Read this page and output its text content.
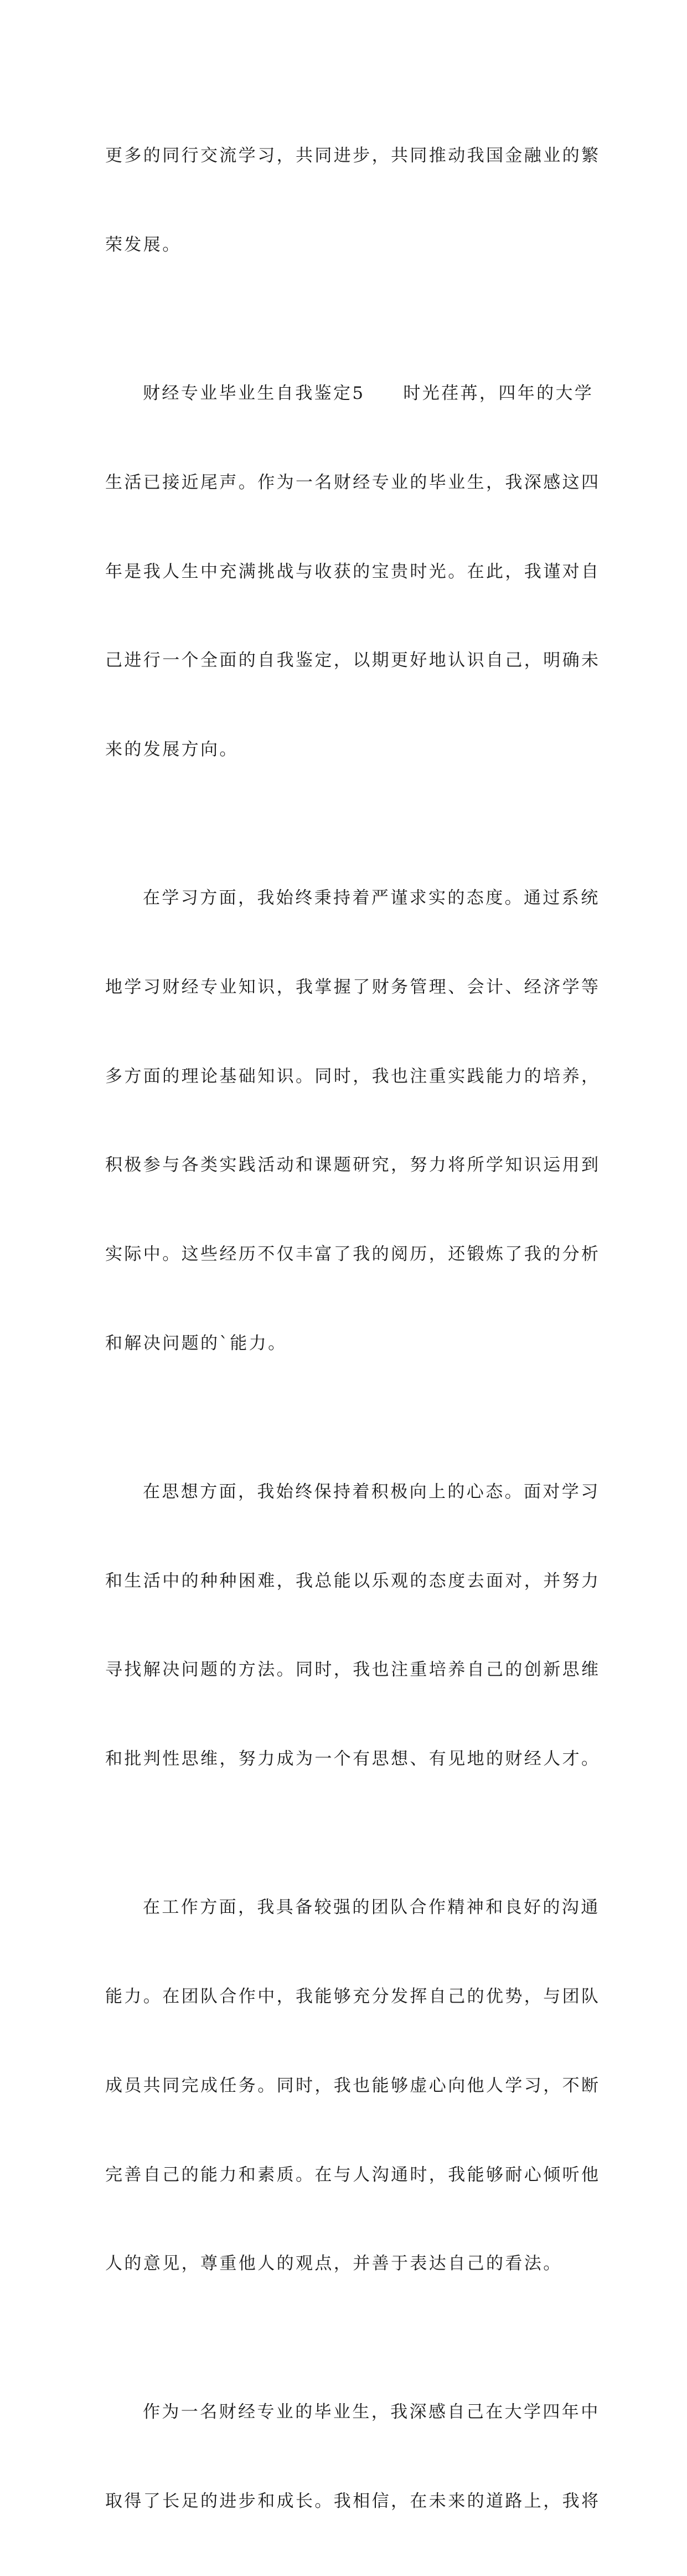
更多的同行交流学习，共同进步，共同推动我国金融业的繁

荣发展。

财经专业毕业生自我鉴定5　　时光荏苒，四年的大学

生活已接近尾声。作为一名财经专业的毕业生，我深感这四

年是我人生中充满挑战与收获的宝贵时光。在此，我谨对自

己进行一个全面的自我鉴定，以期更好地认识自己，明确未

来的发展方向。

在学习方面，我始终秉持着严谨求实的态度。通过系统

地学习财经专业知识，我掌握了财务管理、会计、经济学等

多方面的理论基础知识。同时，我也注重实践能力的培养，

积极参与各类实践活动和课题研究，努力将所学知识运用到

实际中。这些经历不仅丰富了我的阅历，还锻炼了我的分析

和解决问题的`能力。

在思想方面，我始终保持着积极向上的心态。面对学习

和生活中的种种困难，我总能以乐观的态度去面对，并努力

寻找解决问题的方法。同时，我也注重培养自己的创新思维

和批判性思维，努力成为一个有思想、有见地的财经人才。

在工作方面，我具备较强的团队合作精神和良好的沟通

能力。在团队合作中，我能够充分发挥自己的优势，与团队

成员共同完成任务。同时，我也能够虚心向他人学习，不断

完善自己的能力和素质。在与人沟通时，我能够耐心倾听他

人的意见，尊重他人的观点，并善于表达自己的看法。

作为一名财经专业的毕业生，我深感自己在大学四年中

取得了长足的进步和成长。我相信，在未来的道路上，我将
